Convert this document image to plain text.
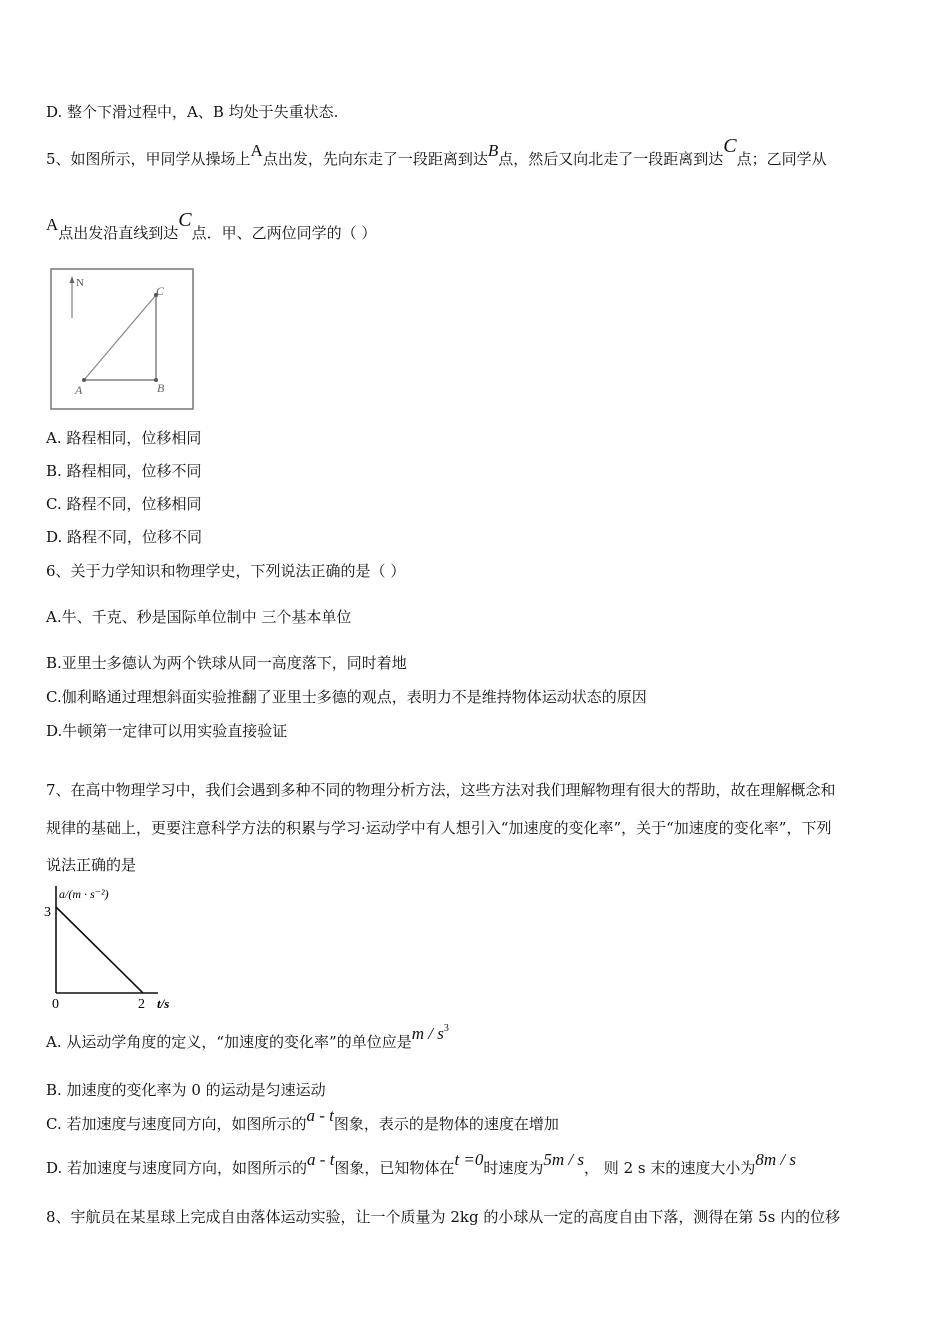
D. 整个下滑过程中，A、B 均处于失重状态.
5、如图所示，甲同学从操场上A点出发，先向东走了一段距离到达B点，然后又向北走了一段距离到达C点；乙同学从
A点出发沿直线到达C点．甲、乙两位同学的（ ）
N
A	B
C
A. 路程相同，位移相同
B. 路程相同，位移不同
C. 路程不同，位移相同
D. 路程不同，位移不同
6、关于力学知识和物理学史，下列说法正确的是（ ）
A.牛、千克、秒是国际单位制中 三个基本单位
B.亚里士多德认为两个铁球从同一高度落下，同时着地
C.伽利略通过理想斜面实验推翻了亚里士多德的观点，表明力不是维持物体运动状态的原因
D.牛顿第一定律可以用实验直接验证
7、在高中物理学习中，我们会遇到多种不同的物理分析方法，这些方法对我们理解物理有很大的帮助，故在理解概念和
规律的基础上，更要注意科学方法的积累与学习·运动学中有人想引入“加速度的变化率”，关于“加速度的变化率”，下列
说法正确的是
a/(m · s⁻²)
t/s
3
0	2
A. 从运动学角度的定义，“加速度的变化率”的单位应是m / $s^3$
B. 加速度的变化率为 0 的运动是匀速运动
C. 若加速度与速度同方向，如图所示的a - t图象，表示的是物体的速度在增加
D. 若加速度与速度同方向，如图所示的a - t图象，已知物体在t =0时速度为5m / s， 则 2 s 末的速度大小为8m / s
8、宇航员在某星球上完成自由落体运动实验，让一个质量为 2kg 的小球从一定的高度自由下落，测得在第 5s 内的位移
